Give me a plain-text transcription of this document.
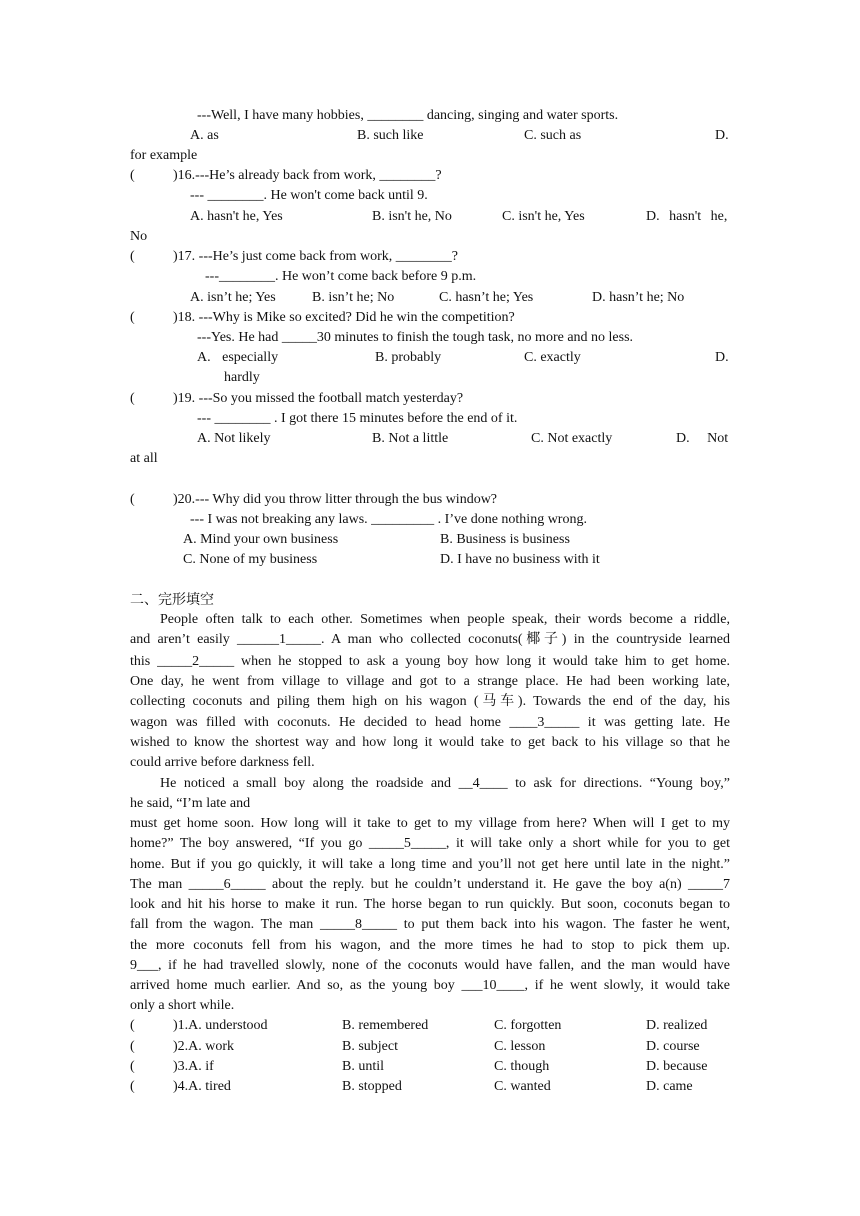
---Well, I have many hobbies, ________ dancing, singing and water sports.
A. as	B. such like	C. such as	D.
for example
(	)16.---He’s already back from work, ________?
--- ________. He won't come back until 9.
A. hasn't he, Yes	B. isn't he, No	C. isn't he, Yes	D. hasn't he,
No
(	)17. ---He’s just come back from work, ________?
---________. He won’t come back before 9 p.m.
A. isn’t he; Yes	B. isn’t he; No	C. hasn’t he; Yes	D. hasn’t he; No
(	)18. ---Why is Mike so excited? Did he win the competition?
---Yes. He had _____30 minutes to finish the tough task, no more and no less.
A. especially	B. probably	C. exactly	D.
hardly
(	)19. ---So you missed the football match yesterday?
--- ________ . I got there 15 minutes before the end of it.
A. Not likely	B. Not a little	C. Not exactly	D. Not
at all
(	)20.--- Why did you throw litter through the bus window?
--- I was not breaking any laws. _________ . I’ve done nothing wrong.
A. Mind your own business	B. Business is business
C. None of my business	D. I have no business with it
二、完形填空
People often talk to each other. Sometimes when people speak, their words become a riddle,
and aren’t easily ______1_____. A man who collected coconuts(椰子) in the countryside learned
this _____2_____ when he stopped to ask a young boy how long it would take him to get home.
One day, he went from village to village and got to a strange place. He had been working late,
collecting coconuts and piling them high on his wagon (马车). Towards the end of the day, his
wagon was filled with coconuts. He decided to head home ____3_____ it was getting late. He
wished to know the shortest way and how long it would take to get back to his village so that he
could arrive before darkness fell.
He noticed a small boy along the roadside and __4____ to ask for directions. “Young boy,”
he said, “I’m late and
must get home soon. How long will it take to get to my village from here? When will I get to my
home?” The boy answered, “If you go _____5_____, it will take only a short while for you to get
home. But if you go quickly, it will take a long time and you’ll not get here until late in the night.”
The man _____6_____ about the reply. but he couldn’t understand it. He gave the boy a(n) _____7
look and hit his horse to make it run. The horse began to run quickly. But soon, coconuts began to
fall from the wagon. The man _____8_____ to put them back into his wagon. The faster he went,
the more coconuts fell from his wagon, and the more times he had to stop to pick them up.
9___, if he had travelled slowly, none of the coconuts would have fallen, and the man would have
arrived home much earlier. And so, as the young boy ___10____, if he went slowly, it would take
only a short while.
(	)1.A. understood	B. remembered	C. forgotten	D. realized
(	)2.A. work	B. subject	C. lesson	D. course
(	)3.A. if	B. until	C. though	D. because
(	)4.A. tired	B. stopped	C. wanted	D. came
